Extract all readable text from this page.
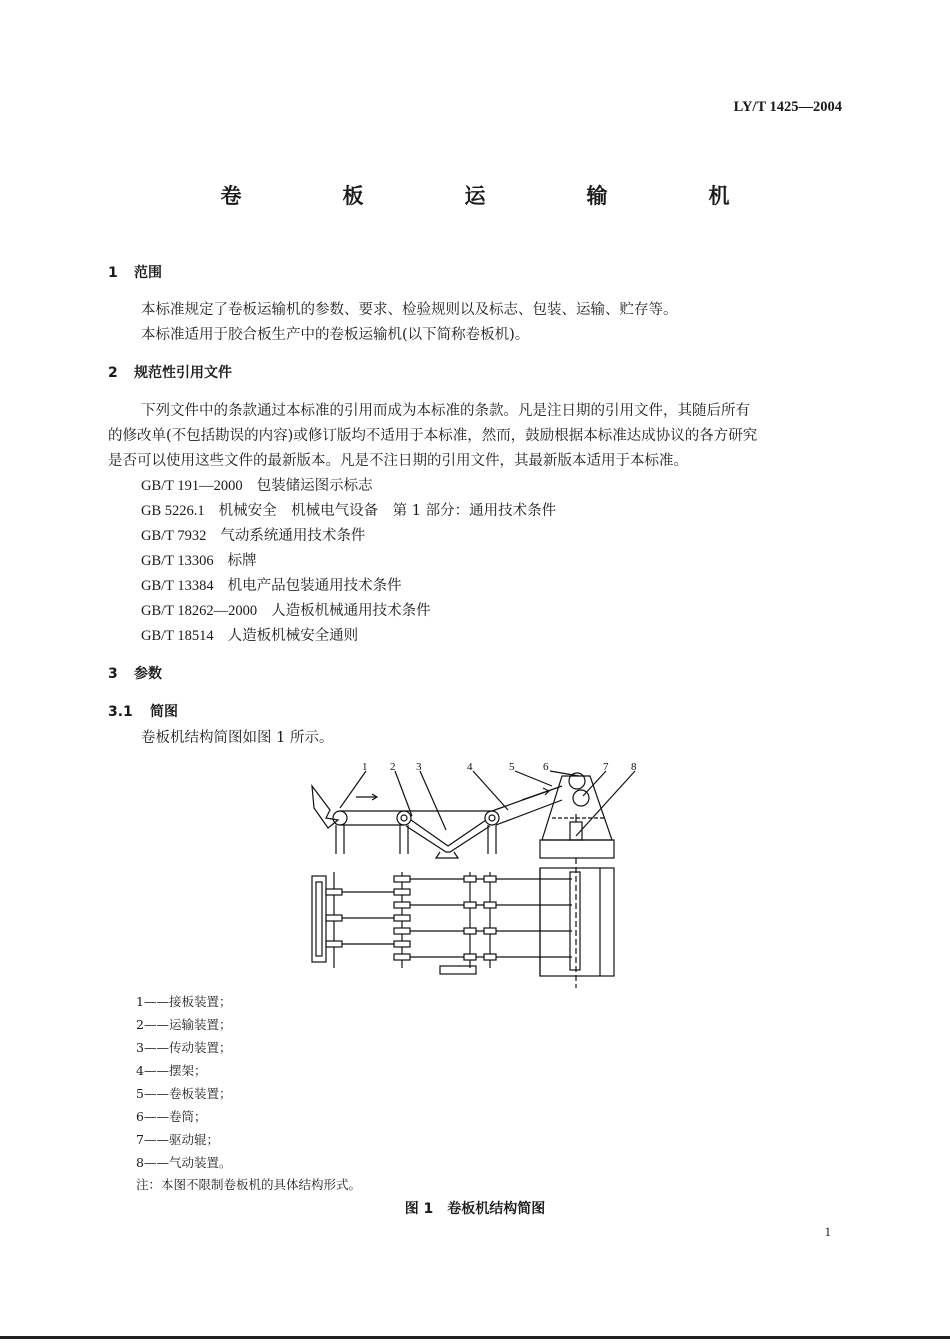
LY/T 1425—2004
卷　板　运　输　机
1 范围
本标准规定了卷板运输机的参数、要求、检验规则以及标志、包装、运输、贮存等。
本标准适用于胶合板生产中的卷板运输机(以下简称卷板机)。
2 规范性引用文件
下列文件中的条款通过本标准的引用而成为本标准的条款。凡是注日期的引用文件，其随后所有
的修改单(不包括勘误的内容)或修订版均不适用于本标准，然而，鼓励根据本标准达成协议的各方研究
是否可以使用这些文件的最新版本。凡是不注日期的引用文件，其最新版本适用于本标准。
GB/T 191—2000 包装储运图示标志
GB 5226.1 机械安全　机械电气设备　第 1 部分：通用技术条件
GB/T 7932 气动系统通用技术条件
GB/T 13306 标牌
GB/T 13384 机电产品包装通用技术条件
GB/T 18262—2000 人造板机械通用技术条件
GB/T 18514 人造板机械安全通则
3 参数
3.1 简图
卷板机结构简图如图 1 所示。
1 2 3	4	5	6	7 8
1——接板装置；
2——运输装置；
3——传动装置；
4——摆架；
5——卷板装置；
6——卷筒；
7——驱动辊；
8——气动装置。
注：本图不限制卷板机的具体结构形式。
图 1　卷板机结构简图
1
